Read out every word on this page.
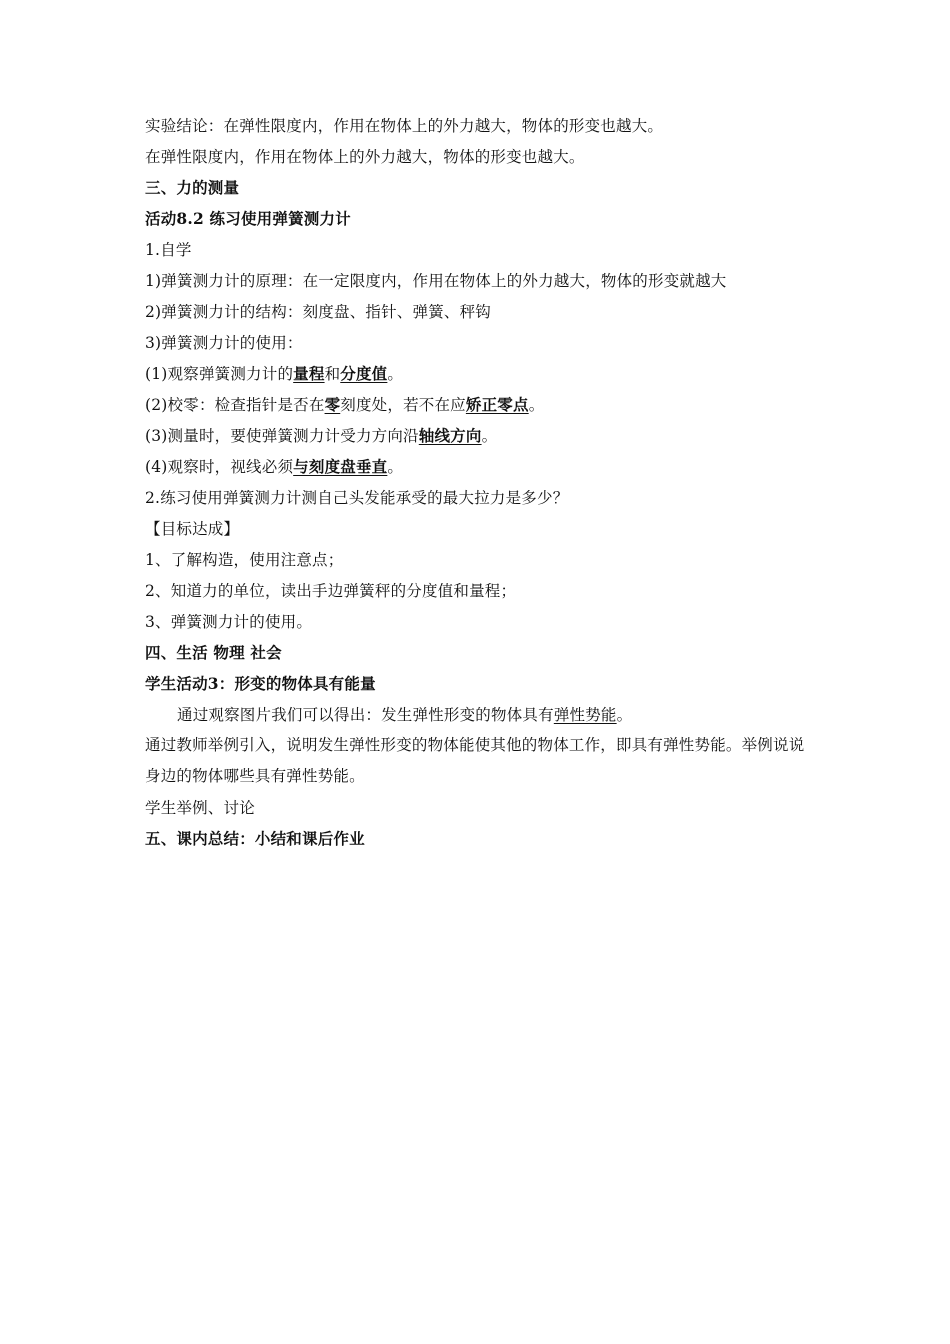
实验结论：在弹性限度内，作用在物体上的外力越大，物体的形变也越大。
在弹性限度内，作用在物体上的外力越大，物体的形变也越大。
三、力的测量
活动8.2 练习使用弹簧测力计
1.自学
1)弹簧测力计的原理：在一定限度内，作用在物体上的外力越大，物体的形变就越大
2)弹簧测力计的结构：刻度盘、指针、弹簧、秤钩
3)弹簧测力计的使用：
(1)观察弹簧测力计的量程和分度值。
(2)校零：检查指针是否在零刻度处，若不在应矫正零点。
(3)测量时，要使弹簧测力计受力方向沿轴线方向。
(4)观察时，视线必须与刻度盘垂直。
2.练习使用弹簧测力计测自己头发能承受的最大拉力是多少？
【目标达成】
1、了解构造，使用注意点；
2、知道力的单位，读出手边弹簧秤的分度值和量程；
3、弹簧测力计的使用。
四、生活 物理 社会
学生活动3：形变的物体具有能量
通过观察图片我们可以得出：发生弹性形变的物体具有弹性势能。
通过教师举例引入，说明发生弹性形变的物体能使其他的物体工作，即具有弹性势能。举例说说身边的物体哪些具有弹性势能。
学生举例、讨论
五、课内总结：小结和课后作业
